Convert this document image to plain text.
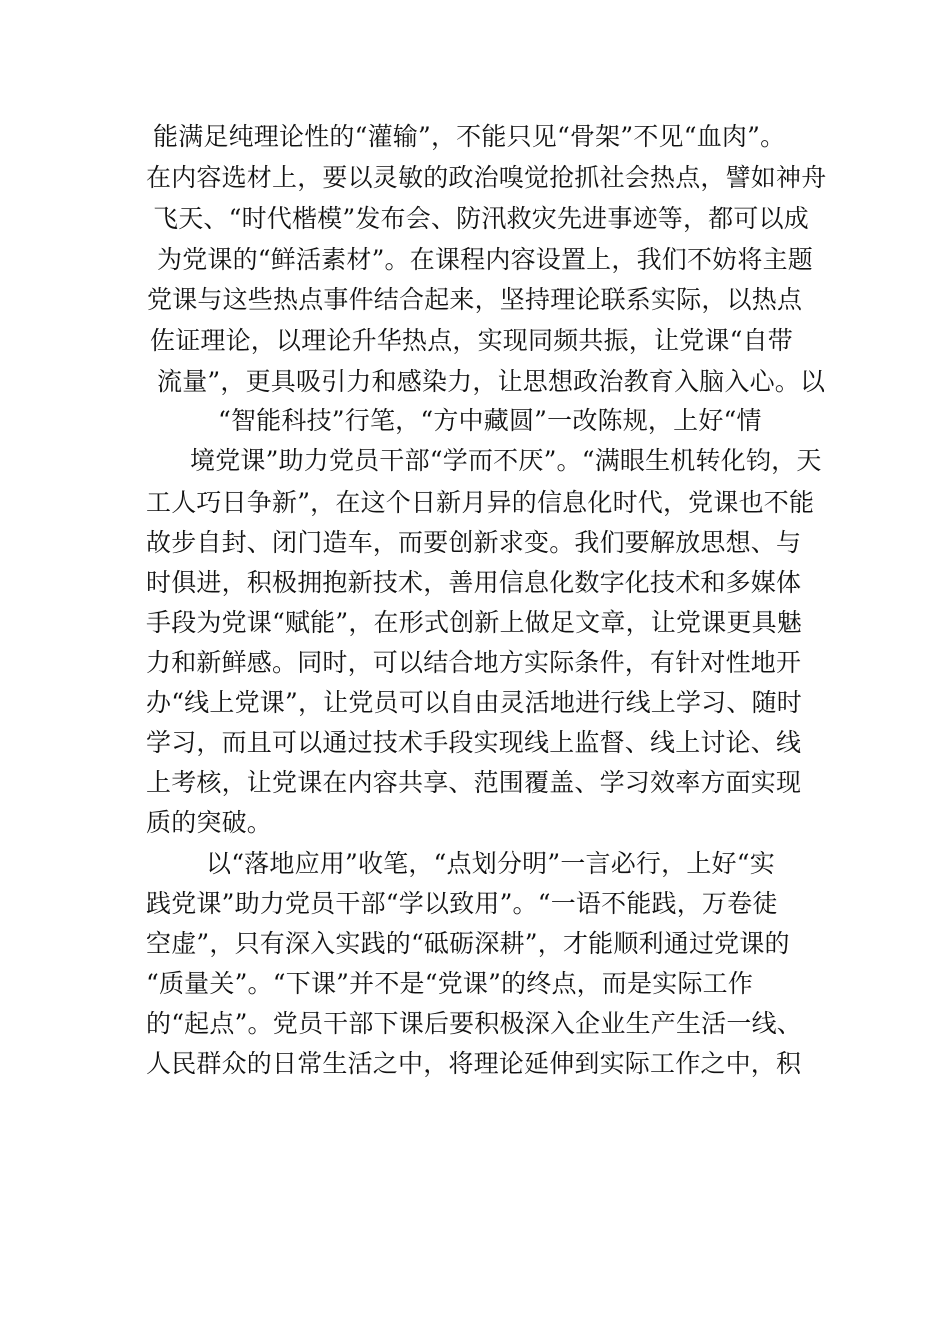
能满足纯理论性的“灌输”，不能只见“骨架”不见“血肉”。
在内容选材上，要以灵敏的政治嗅觉抢抓社会热点，譬如神舟
飞天、“时代楷模”发布会、防汛救灾先进事迹等，都可以成
为党课的“鲜活素材”。在课程内容设置上，我们不妨将主题
党课与这些热点事件结合起来，坚持理论联系实际，以热点
佐证理论，以理论升华热点，实现同频共振，让党课“自带
流量”，更具吸引力和感染力，让思想政治教育入脑入心。以
“智能科技”行笔，“方中藏圆”一改陈规，上好“情
境党课”助力党员干部“学而不厌”。“满眼生机转化钧，天
工人巧日争新”，在这个日新月异的信息化时代，党课也不能
故步自封、闭门造车，而要创新求变。我们要解放思想、与
时俱进，积极拥抱新技术，善用信息化数字化技术和多媒体
手段为党课“赋能”，在形式创新上做足文章，让党课更具魅
力和新鲜感。同时，可以结合地方实际条件，有针对性地开
办“线上党课”，让党员可以自由灵活地进行线上学习、随时
学习，而且可以通过技术手段实现线上监督、线上讨论、线
上考核，让党课在内容共享、范围覆盖、学习效率方面实现
质的突破。
以“落地应用”收笔，“点划分明”一言必行，上好“实
践党课”助力党员干部“学以致用”。“一语不能践，万卷徒
空虚”，只有深入实践的“砥砺深耕”，才能顺利通过党课的
“质量关”。“下课”并不是“党课”的终点，而是实际工作
的“起点”。党员干部下课后要积极深入企业生产生活一线、
人民群众的日常生活之中，将理论延伸到实际工作之中，积
